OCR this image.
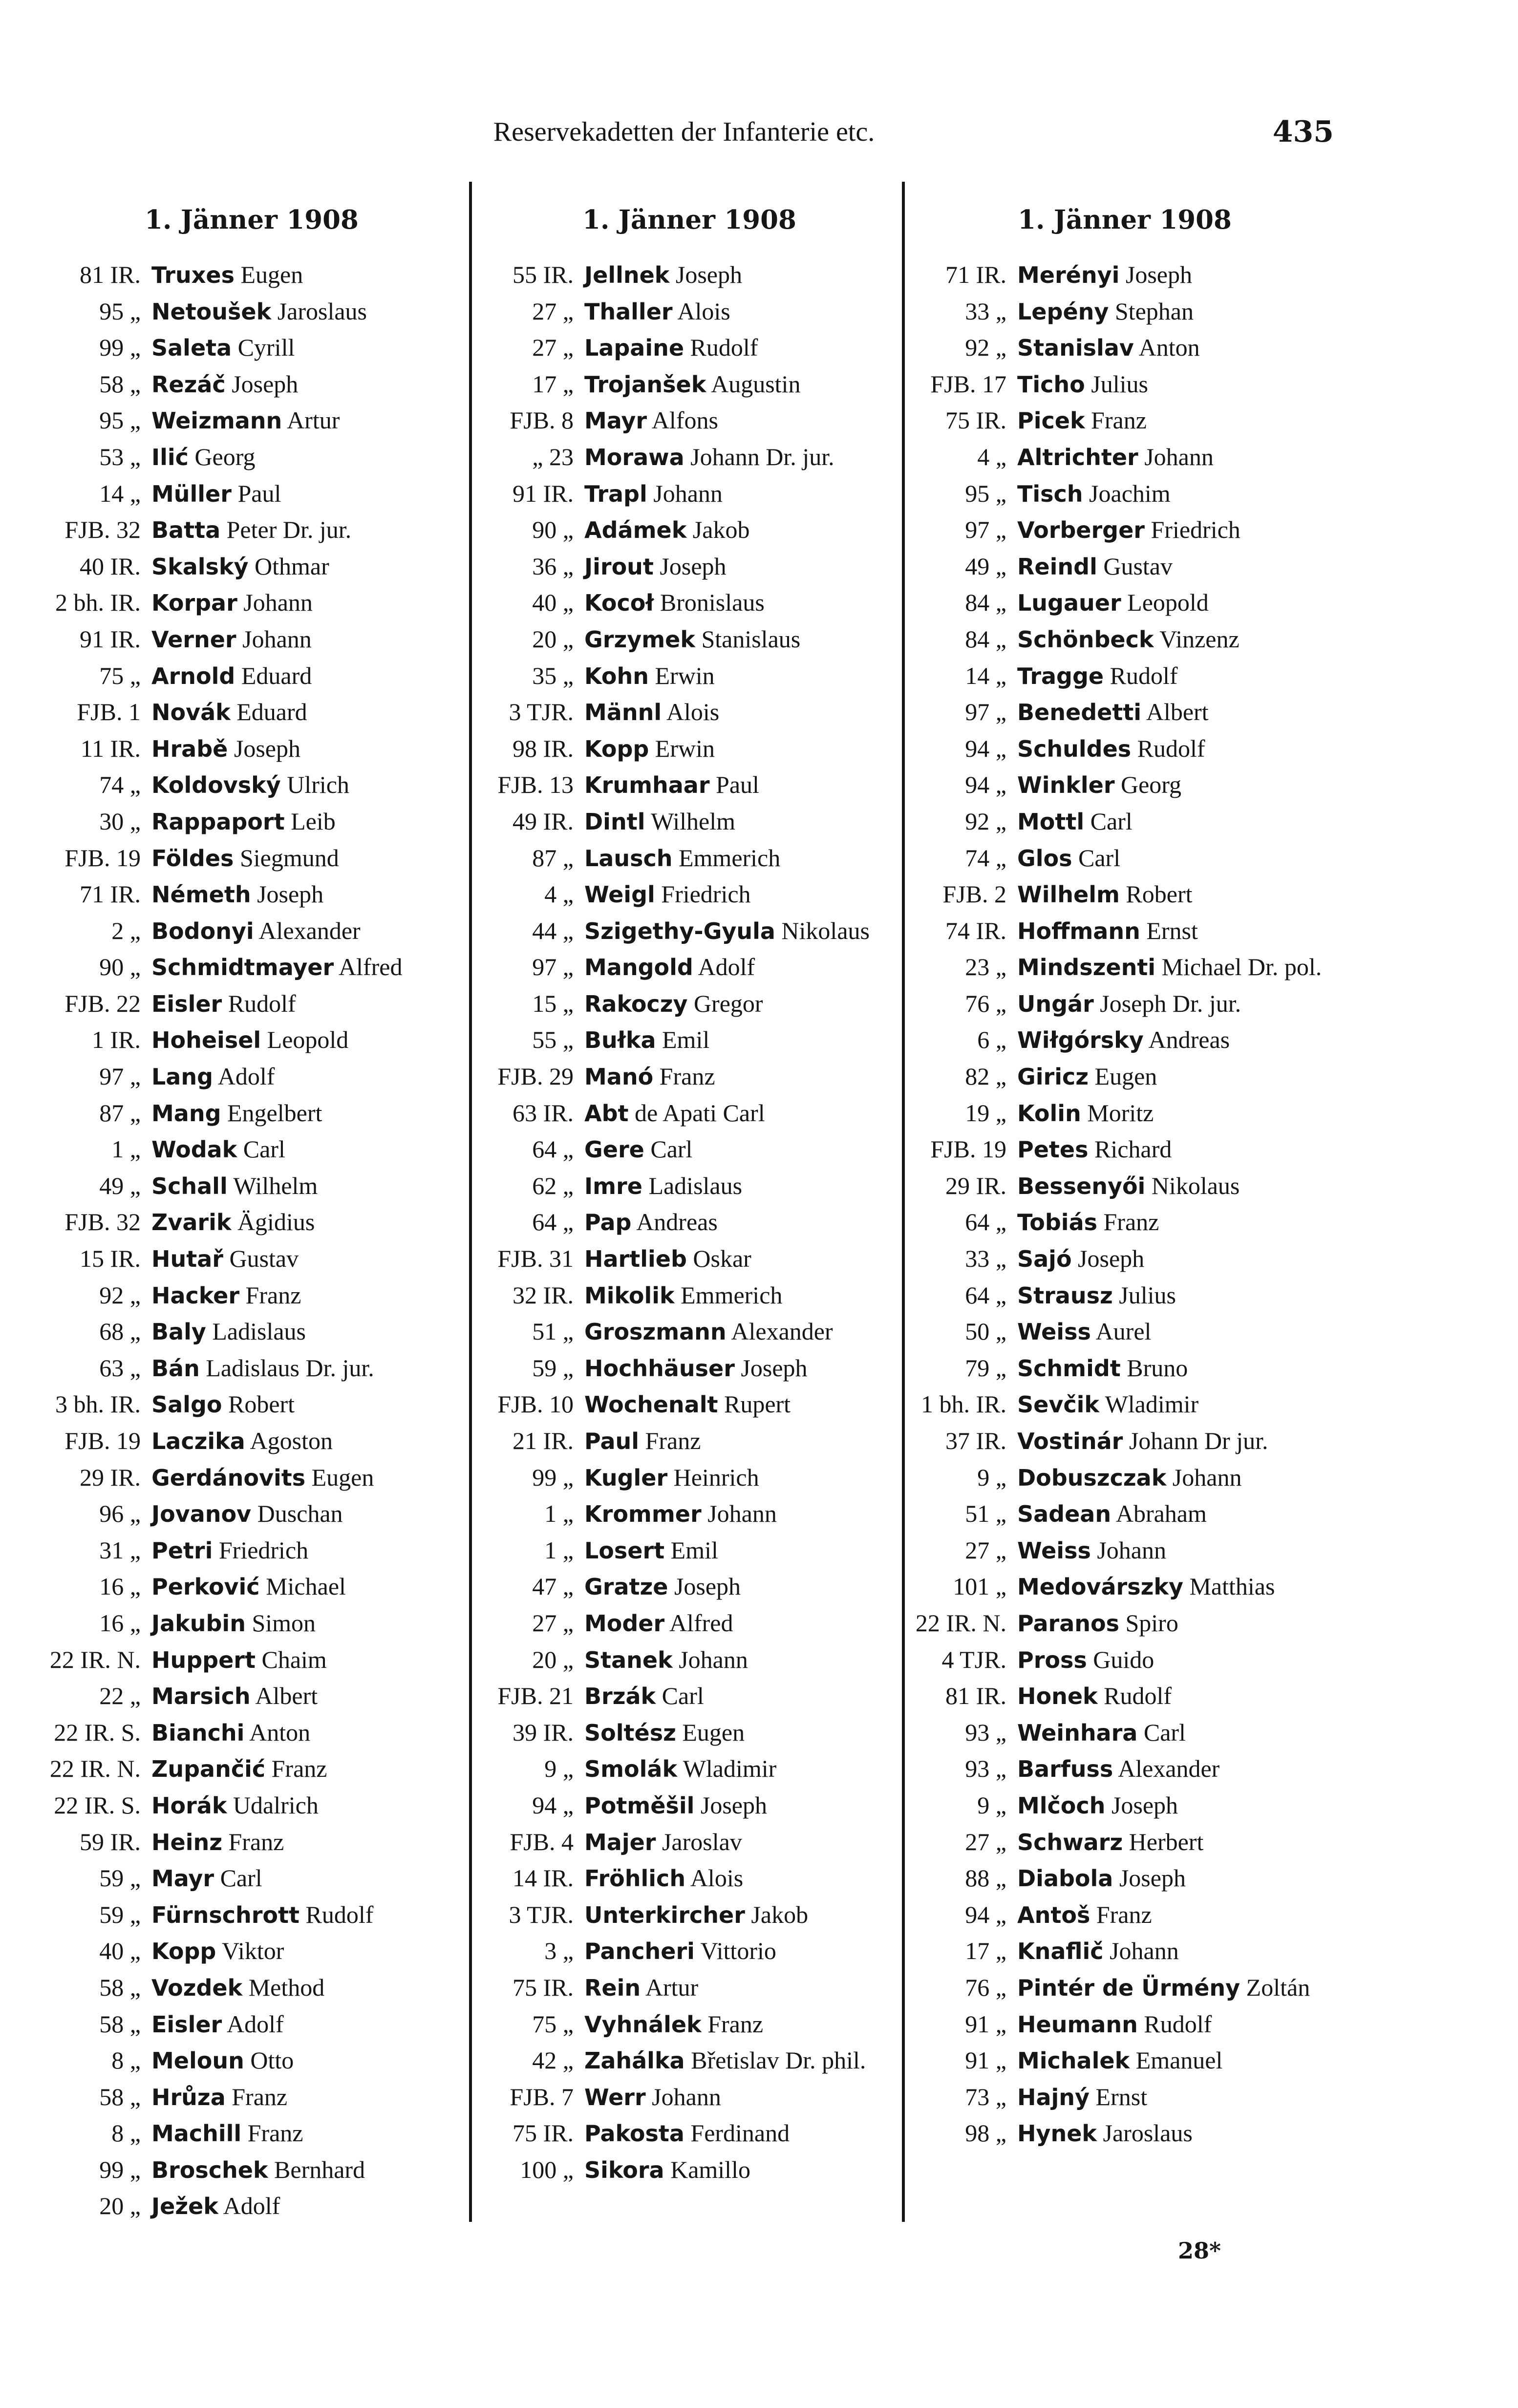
Reservekadetten der Infanterie etc.	435
1. Jänner 1908
81 IR. Truxes Eugen
95 „ Netoušek Jaroslaus
99 „ Saleta Cyrill
58 „ Rezáč Joseph
95 „ Weizmann Artur
53 „ Ilić Georg
14 „ Müller Paul
FJB. 32 Batta Peter Dr. jur.
40 IR. Skalský Othmar
2 bh. IR. Korpar Johann
91 IR. Verner Johann
75 „ Arnold Eduard
FJB. 1 Novák Eduard
11 IR. Hrabě Joseph
74 „ Koldovský Ulrich
30 „ Rappaport Leib
FJB. 19 Földes Siegmund
71 IR. Németh Joseph
2 „ Bodonyi Alexander
90 „ Schmidtmayer Alfred
FJB. 22 Eisler Rudolf
1 IR. Hoheisel Leopold
97 „ Lang Adolf
87 „ Mang Engelbert
1 „ Wodak Carl
49 „ Schall Wilhelm
FJB. 32 Zvarik Ägidius
15 IR. Hutař Gustav
92 „ Hacker Franz
68 „ Baly Ladislaus
63 „ Bán Ladislaus Dr. jur.
3 bh. IR. Salgo Robert
FJB. 19 Laczika Agoston
29 IR. Gerdánovits Eugen
96 „ Jovanov Duschan
31 „ Petri Friedrich
16 „ Perković Michael
16 „ Jakubin Simon
22 IR. N. Huppert Chaim
22 „ Marsich Albert
22 IR. S. Bianchi Anton
22 IR. N. Zupančić Franz
22 IR. S. Horák Udalrich
59 IR. Heinz Franz
59 „ Mayr Carl
59 „ Fürnschrott Rudolf
40 „ Kopp Viktor
58 „ Vozdek Method
58 „ Eisler Adolf
8 „ Meloun Otto
58 „ Hrůza Franz
8 „ Machill Franz
99 „ Broschek Bernhard
20 „ Ježek Adolf
1. Jänner 1908
55 IR. Jellnek Joseph
27 „ Thaller Alois
27 „ Lapaine Rudolf
17 „ Trojanšek Augustin
FJB. 8 Mayr Alfons
„ 23 Morawa Johann Dr. jur.
91 IR. Trapl Johann
90 „ Adámek Jakob
36 „ Jirout Joseph
40 „ Kocoł Bronislaus
20 „ Grzymek Stanislaus
35 „ Kohn Erwin
3 TJR. Männl Alois
98 IR. Kopp Erwin
FJB. 13 Krumhaar Paul
49 IR. Dintl Wilhelm
87 „ Lausch Emmerich
4 „ Weigl Friedrich
44 „ Szigethy-Gyula Nikolaus
97 „ Mangold Adolf
15 „ Rakoczy Gregor
55 „ Bułka Emil
FJB. 29 Manó Franz
63 IR. Abt de Apati Carl
64 „ Gere Carl
62 „ Imre Ladislaus
64 „ Pap Andreas
FJB. 31 Hartlieb Oskar
32 IR. Mikolik Emmerich
51 „ Groszmann Alexander
59 „ Hochhäuser Joseph
FJB. 10 Wochenalt Rupert
21 IR. Paul Franz
99 „ Kugler Heinrich
1 „ Krommer Johann
1 „ Losert Emil
47 „ Gratze Joseph
27 „ Moder Alfred
20 „ Stanek Johann
FJB. 21 Brzák Carl
39 IR. Soltész Eugen
9 „ Smolák Wladimir
94 „ Potměšil Joseph
FJB. 4 Majer Jaroslav
14 IR. Fröhlich Alois
3 TJR. Unterkircher Jakob
3 „ Pancheri Vittorio
75 IR. Rein Artur
75 „ Vyhnálek Franz
42 „ Zahálka Břetislav Dr. phil.
FJB. 7 Werr Johann
75 IR. Pakosta Ferdinand
100 „ Sikora Kamillo
1. Jänner 1908
71 IR. Merényi Joseph
33 „ Lepény Stephan
92 „ Stanislav Anton
FJB. 17 Ticho Julius
75 IR. Picek Franz
4 „ Altrichter Johann
95 „ Tisch Joachim
97 „ Vorberger Friedrich
49 „ Reindl Gustav
84 „ Lugauer Leopold
84 „ Schönbeck Vinzenz
14 „ Tragge Rudolf
97 „ Benedetti Albert
94 „ Schuldes Rudolf
94 „ Winkler Georg
92 „ Mottl Carl
74 „ Glos Carl
FJB. 2 Wilhelm Robert
74 IR. Hoffmann Ernst
23 „ Mindszenti Michael Dr. pol.
76 „ Ungár Joseph Dr. jur.
6 „ Wiłgórsky Andreas
82 „ Giricz Eugen
19 „ Kolin Moritz
FJB. 19 Petes Richard
29 IR. Bessenyői Nikolaus
64 „ Tobiás Franz
33 „ Sajó Joseph
64 „ Strausz Julius
50 „ Weiss Aurel
79 „ Schmidt Bruno
1 bh. IR. Sevčik Wladimir
37 IR. Vostinár Johann Dr jur.
9 „ Dobuszczak Johann
51 „ Sadean Abraham
27 „ Weiss Johann
101 „ Medovárszky Matthias
22 IR. N. Paranos Spiro
4 TJR. Pross Guido
81 IR. Honek Rudolf
93 „ Weinhara Carl
93 „ Barfuss Alexander
9 „ Mlčoch Joseph
27 „ Schwarz Herbert
88 „ Diabola Joseph
94 „ Antoš Franz
17 „ Knaflič Johann
76 „ Pintér de Ürmény Zoltán
91 „ Heumann Rudolf
91 „ Michalek Emanuel
73 „ Hajný Ernst
98 „ Hynek Jaroslaus
28*
